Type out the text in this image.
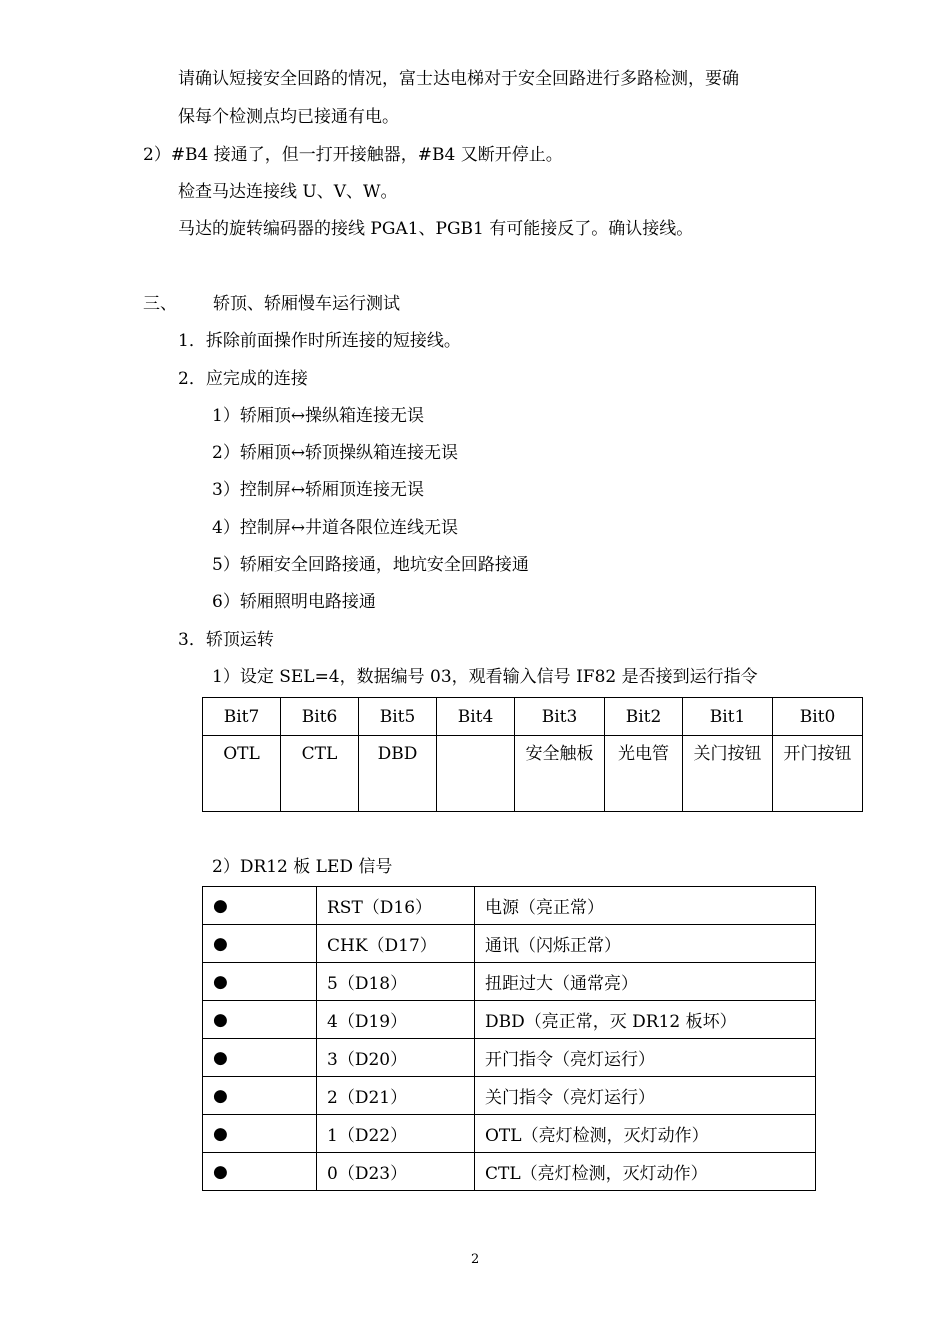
请确认短接安全回路的情况，富士达电梯对于安全回路进行多路检测，要确
保每个检测点均已接通有电。
2）#B4 接通了，但一打开接触器，#B4 又断开停止。
检查马达连接线 U、V、W。
马达的旋转编码器的接线 PGA1、PGB1 有可能接反了。确认接线。
三、 轿顶、轿厢慢车运行测试
1．拆除前面操作时所连接的短接线。
2．应完成的连接
1）轿厢顶↔操纵箱连接无误
2）轿厢顶↔轿顶操纵箱连接无误
3）控制屏↔轿厢顶连接无误
4）控制屏↔井道各限位连线无误
5）轿厢安全回路接通，地坑安全回路接通
6）轿厢照明电路接通
3．轿顶运转
1）设定 SEL=4，数据编号 03，观看输入信号 IF82 是否接到运行指令
Bit7	Bit6	Bit5	Bit4	Bit3	Bit2	Bit1	Bit0
OTL	CTL	DBD		安全触板	光电管	关门按钮	开门按钮
2）DR12 板 LED 信号
●	RST（D16）	电源（亮正常）
●	CHK（D17）	通讯（闪烁正常）
●	5（D18）	扭距过大（通常亮）
●	4（D19）	DBD（亮正常，灭 DR12 板坏）
●	3（D20）	开门指令（亮灯运行）
●	2（D21）	关门指令（亮灯运行）
●	1（D22）	OTL（亮灯检测，灭灯动作）
●	0（D23）	CTL（亮灯检测，灭灯动作）
2
